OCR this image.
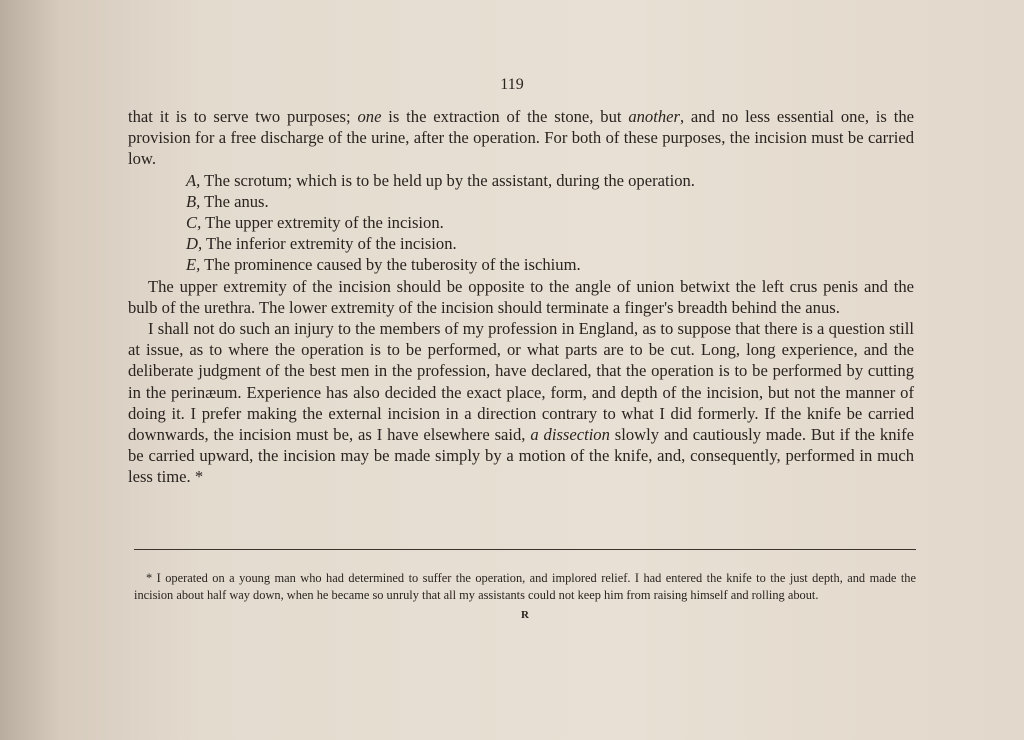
119

that it is to serve two purposes; one is the extraction of the stone, but another, and no less essential one, is the provision for a free discharge of the urine, after the operation. For both of these purposes, the incision must be carried low.

A, The scrotum; which is to be held up by the assistant, during the operation.
B, The anus.
C, The upper extremity of the incision.
D, The inferior extremity of the incision.
E, The prominence caused by the tuberosity of the ischium.

The upper extremity of the incision should be opposite to the angle of union betwixt the left crus penis and the bulb of the urethra. The lower extremity of the incision should terminate a finger's breadth behind the anus.

I shall not do such an injury to the members of my profession in England, as to suppose that there is a question still at issue, as to where the operation is to be performed, or what parts are to be cut. Long, long experience, and the deliberate judgment of the best men in the profession, have declared, that the operation is to be performed by cutting in the perinæum. Experience has also decided the exact place, form, and depth of the incision, but not the manner of doing it. I prefer making the external incision in a direction contrary to what I did formerly. If the knife be carried downwards, the incision must be, as I have elsewhere said, a dissection slowly and cautiously made. But if the knife be carried upward, the incision may be made simply by a motion of the knife, and, consequently, performed in much less time. *

* I operated on a young man who had determined to suffer the operation, and implored relief. I had entered the knife to the just depth, and made the incision about half way down, when he became so unruly that all my assistants could not keep him from raising himself and rolling about.

R
